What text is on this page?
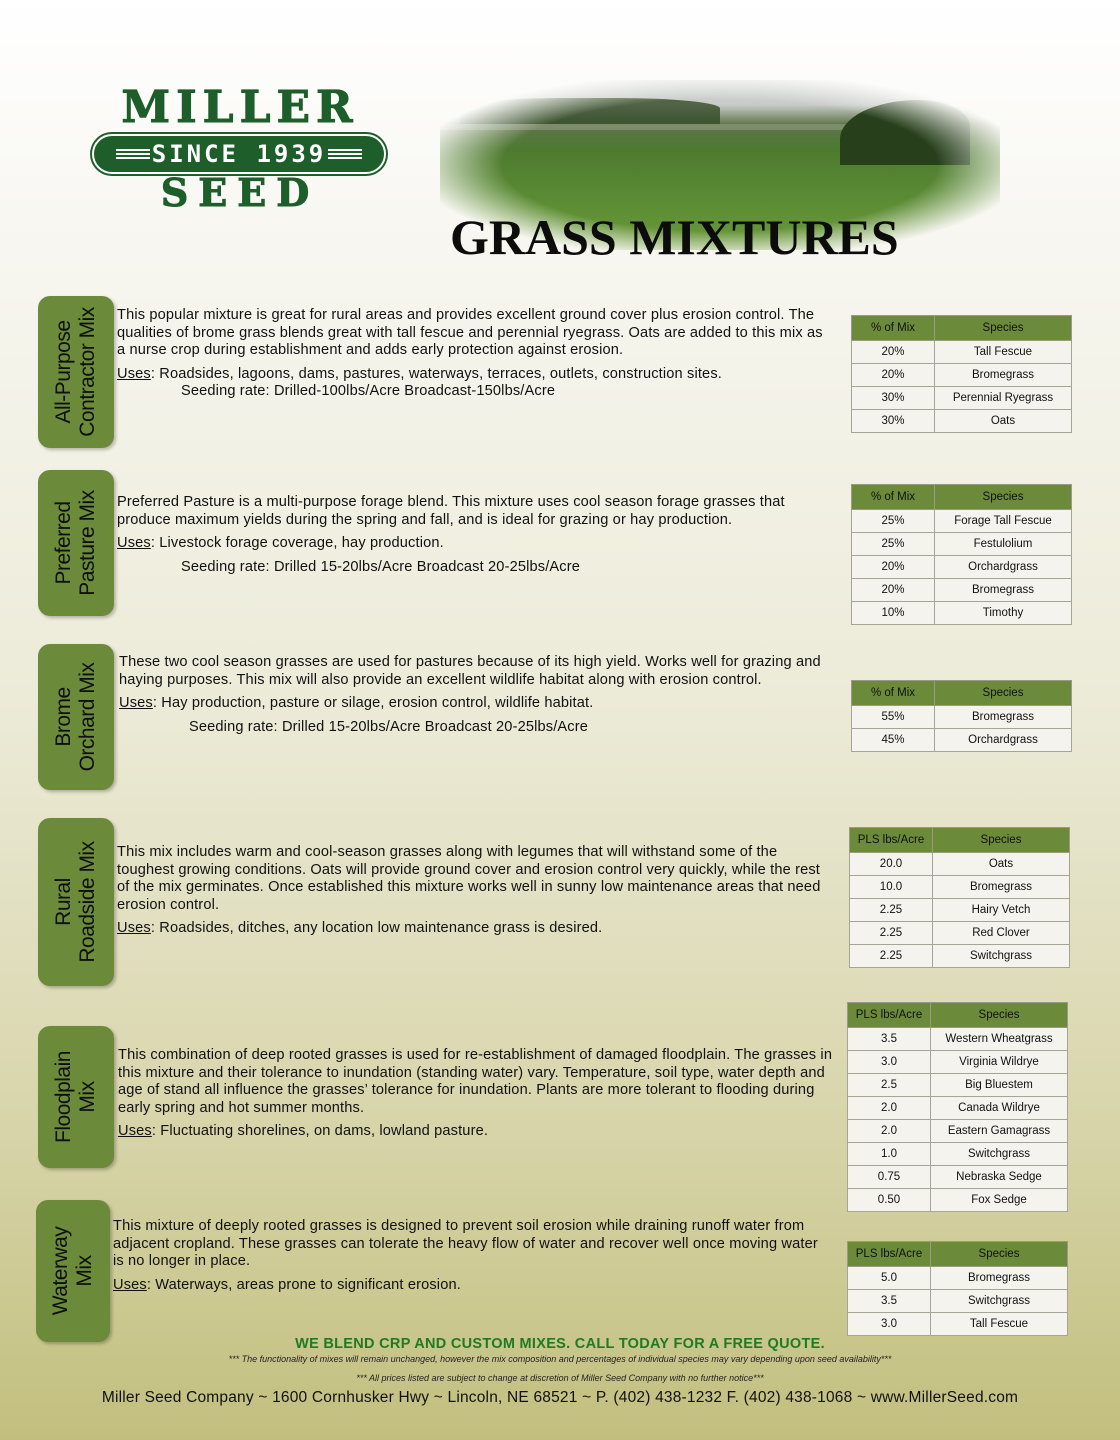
MILLER
SINCE 1939
SEED
GRASS MIXTURES
All-Purpose Contractor Mix This popular mixture is great for rural areas and provides excellent ground cover plus erosion control. The qualities of brome grass blends great with tall fescue and perennial ryegrass. Oats are added to this mix as a nurse crop during establishment and adds early protection against erosion.

Uses: Roadsides, lagoons, dams, pastures, waterways, terraces, outlets, construction sites.

Seeding rate: Drilled-100lbs/Acre Broadcast-150lbs/Acre
% of Mix	Species
20%	Tall Fescue
20%	Bromegrass
30%	Perennial Ryegrass
30%	Oats
Preferred Pasture Mix Preferred Pasture is a multi-purpose forage blend. This mixture uses cool season forage grasses that produce maximum yields during the spring and fall, and is ideal for grazing or hay production.

Uses: Livestock forage coverage, hay production.

Seeding rate: Drilled 15-20lbs/Acre Broadcast 20-25lbs/Acre
% of Mix	Species
25%	Forage Tall Fescue
25%	Festulolium
20%	Orchardgrass
20%	Bromegrass
10%	Timothy
Brome Orchard Mix

These two cool season grasses are used for pastures because of its high yield. Works well for grazing and haying purposes. This mix will also provide an excellent wildlife habitat along with erosion control.

Uses: Hay production, pasture or silage, erosion control, wildlife habitat.

Seeding rate: Drilled 15-20lbs/Acre Broadcast 20-25lbs/Acre
% of Mix	Species
55%	Bromegrass
45%	Orchardgrass
Rural Roadside Mix This mix includes warm and cool-season grasses along with legumes that will withstand some of the toughest growing conditions. Oats will provide ground cover and erosion control very quickly, while the rest of the mix germinates. Once established this mixture works well in sunny low maintenance areas that need erosion control.

Uses: Roadsides, ditches, any location low maintenance grass is desired.

PLS lbs/Acre	Species
20.0	Oats
10.0	Bromegrass
2.25	Hairy Vetch
2.25	Red Clover
2.25	Switchgrass
Floodplain Mix

This combination of deep rooted grasses is used for re-establishment of damaged floodplain. The grasses in this mixture and their tolerance to inundation (standing water) vary. Temperature, soil type, water depth and age of stand all influence the grasses’ tolerance for inundation. Plants are more tolerant to flooding during early spring and hot summer months.

Uses: Fluctuating shorelines, on dams, lowland pasture.

PLS lbs/Acre	Species
3.5	Western Wheatgrass
3.0	Virginia Wildrye
2.5	Big Bluestem
2.0	Canada Wildrye
2.0	Eastern Gamagrass
1.0	Switchgrass
0.75	Nebraska Sedge
0.50	Fox Sedge
Waterway Mix

This mixture of deeply rooted grasses is designed to prevent soil erosion while draining runoff water from adjacent cropland. These grasses can tolerate the heavy flow of water and recover well once moving water is no longer in place.

Uses: Waterways, areas prone to significant erosion.

PLS lbs/Acre	Species
5.0	Bromegrass
3.5	Switchgrass
3.0	Tall Fescue
WE BLEND CRP AND CUSTOM MIXES. CALL TODAY FOR A FREE QUOTE.
*** The functionality of mixes will remain unchanged, however the mix composition and percentages of individual species may vary depending upon seed availability***
*** All prices listed are subject to change at discretion of Miller Seed Company with no further notice***
Miller Seed Company ~ 1600 Cornhusker Hwy ~ Lincoln, NE 68521 ~ P. (402) 438-1232 F. (402) 438-1068 ~ www.MillerSeed.com
